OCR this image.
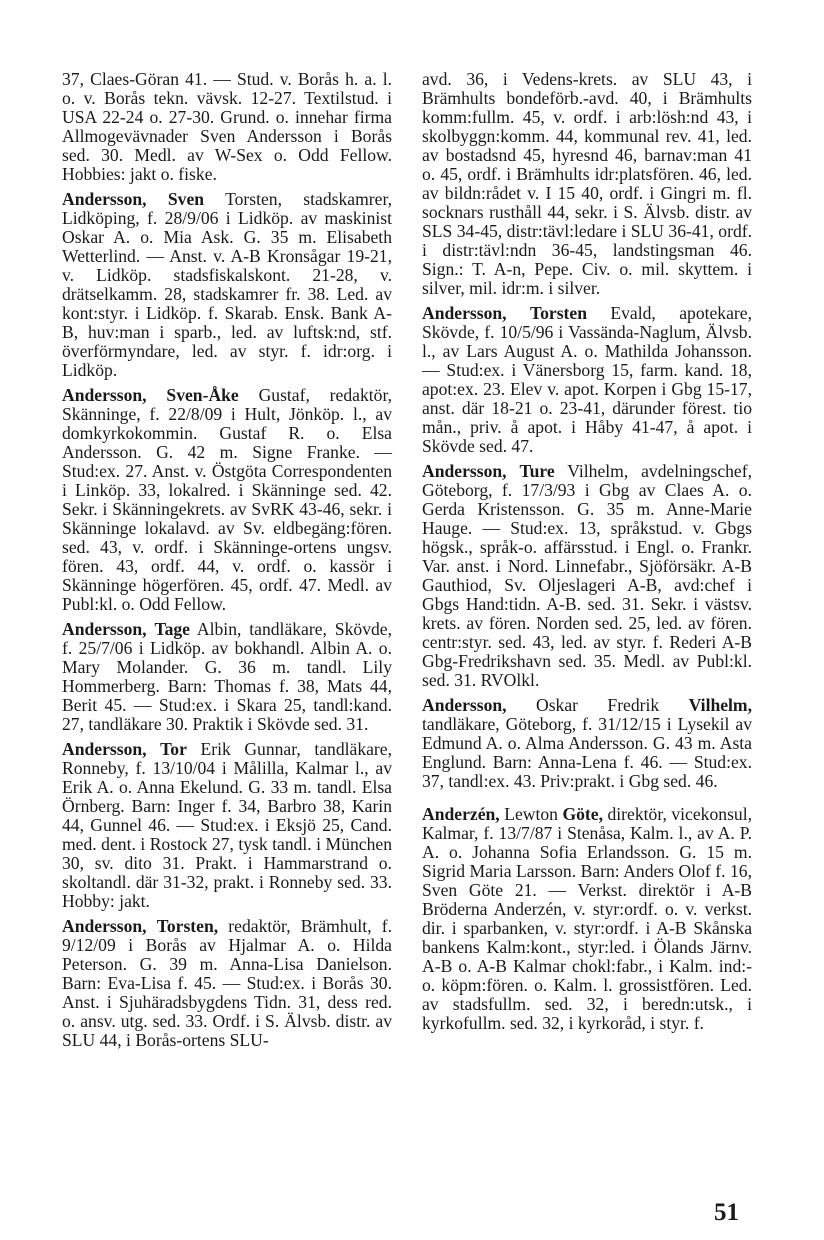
37, Claes-Göran 41. — Stud. v. Borås h. a. l. o. v. Borås tekn. vävsk. 12-27. Textilstud. i USA 22-24 o. 27-30. Grund. o. innehar firma Allmogevävnader Sven Andersson i Borås sed. 30. Medl. av W-Sex o. Odd Fellow. Hobbies: jakt o. fiske.

Andersson, Sven Torsten, stadskamrer, Lidköping, f. 28/9/06 i Lidköp. av maskinist Oskar A. o. Mia Ask. G. 35 m. Elisabeth Wetterlind. — Anst. v. A-B Kronsågar 19-21, v. Lidköp. stadsfiskalskont. 21-28, v. drätselkamm. 28, stadskamrer fr. 38. Led. av kont:styr. i Lidköp. f. Skarab. Ensk. Bank A-B, huv:man i sparb., led. av luftsk:nd, stf. överförmyndare, led. av styr. f. idr:org. i Lidköp.

Andersson, Sven-Åke Gustaf, redaktör, Skänninge, f. 22/8/09 i Hult, Jönköp. l., av domkyrkokommin. Gustaf R. o. Elsa Andersson. G. 42 m. Signe Franke. — Stud:ex. 27. Anst. v. Östgöta Correspondenten i Linköp. 33, lokalred. i Skänninge sed. 42. Sekr. i Skänningekrets. av SvRK 43-46, sekr. i Skänninge lokalavd. av Sv. eldbegäng:fören. sed. 43, v. ordf. i Skänninge-ortens ungsv. fören. 43, ordf. 44, v. ordf. o. kassör i Skänninge högerfören. 45, ordf. 47. Medl. av Publ:kl. o. Odd Fellow.

Andersson, Tage Albin, tandläkare, Skövde, f. 25/7/06 i Lidköp. av bokhandl. Albin A. o. Mary Molander. G. 36 m. tandl. Lily Hommerberg. Barn: Thomas f. 38, Mats 44, Berit 45. — Stud:ex. i Skara 25, tandl:kand. 27, tandläkare 30. Praktik i Skövde sed. 31.

Andersson, Tor Erik Gunnar, tandläkare, Ronneby, f. 13/10/04 i Målilla, Kalmar l., av Erik A. o. Anna Ekelund. G. 33 m. tandl. Elsa Örnberg. Barn: Inger f. 34, Barbro 38, Karin 44, Gunnel 46. — Stud:ex. i Eksjö 25, Cand. med. dent. i Rostock 27, tysk tandl. i München 30, sv. dito 31. Prakt. i Hammarstrand o. skoltandl. där 31-32, prakt. i Ronneby sed. 33. Hobby: jakt.

Andersson, Torsten, redaktör, Brämhult, f. 9/12/09 i Borås av Hjalmar A. o. Hilda Peterson. G. 39 m. Anna-Lisa Danielson. Barn: Eva-Lisa f. 45. — Stud:ex. i Borås 30. Anst. i Sjuhäradsbygdens Tidn. 31, dess red. o. ansv. utg. sed. 33. Ordf. i S. Älvsb. distr. av SLU 44, i Borås-ortens SLU-

avd. 36, i Vedens-krets. av SLU 43, i Brämhults bondeförb.-avd. 40, i Brämhults komm:fullm. 45, v. ordf. i arb:lösh:nd 43, i skolbyggn:komm. 44, kommunal rev. 41, led. av bostadsnd 45, hyresnd 46, barnav:man 41 o. 45, ordf. i Brämhults idr:platsfören. 46, led. av bildn:rådet v. I 15 40, ordf. i Gingri m. fl. socknars rusthåll 44, sekr. i S. Älvsb. distr. av SLS 34-45, distr:tävl:ledare i SLU 36-41, ordf. i distr:tävl:ndn 36-45, landstingsman 46. Sign.: T. A-n, Pepe. Civ. o. mil. skyttem. i silver, mil. idr:m. i silver.

Andersson, Torsten Evald, apotekare, Skövde, f. 10/5/96 i Vassända-Naglum, Älvsb. l., av Lars August A. o. Mathilda Johansson. — Stud:ex. i Vänersborg 15, farm. kand. 18, apot:ex. 23. Elev v. apot. Korpen i Gbg 15-17, anst. där 18-21 o. 23-41, därunder förest. tio mån., priv. å apot. i Håby 41-47, å apot. i Skövde sed. 47.

Andersson, Ture Vilhelm, avdelningschef, Göteborg, f. 17/3/93 i Gbg av Claes A. o. Gerda Kristensson. G. 35 m. Anne-Marie Hauge. — Stud:ex. 13, språkstud. v. Gbgs högsk., språk-o. affärsstud. i Engl. o. Frankr. Var. anst. i Nord. Linnefabr., Sjöförsäkr. A-B Gauthiod, Sv. Oljeslageri A-B, avd:chef i Gbgs Hand:tidn. A-B. sed. 31. Sekr. i västsv. krets. av fören. Norden sed. 25, led. av fören. centr:styr. sed. 43, led. av styr. f. Rederi A-B Gbg-Fredrikshavn sed. 35. Medl. av Publ:kl. sed. 31. RVOlkl.

Andersson, Oskar Fredrik Vilhelm, tandläkare, Göteborg, f. 31/12/15 i Lysekil av Edmund A. o. Alma Andersson. G. 43 m. Asta Englund. Barn: Anna-Lena f. 46. — Stud:ex. 37, tandl:ex. 43. Priv:prakt. i Gbg sed. 46.

Anderzén, Lewton Göte, direktör, vicekonsul, Kalmar, f. 13/7/87 i Stenåsa, Kalm. l., av A. P. A. o. Johanna Sofia Erlandsson. G. 15 m. Sigrid Maria Larsson. Barn: Anders Olof f. 16, Sven Göte 21. — Verkst. direktör i A-B Bröderna Anderzén, v. styr:ordf. o. v. verkst. dir. i sparbanken, v. styr:ordf. i A-B Skånska bankens Kalm:kont., styr:led. i Ölands Järnv. A-B o. A-B Kalmar chokl:fabr., i Kalm. ind:- o. köpm:fören. o. Kalm. l. grossistfören. Led. av stadsfullm. sed. 32, i beredn:utsk., i kyrkofullm. sed. 32, i kyrkoråd, i styr. f.

51
